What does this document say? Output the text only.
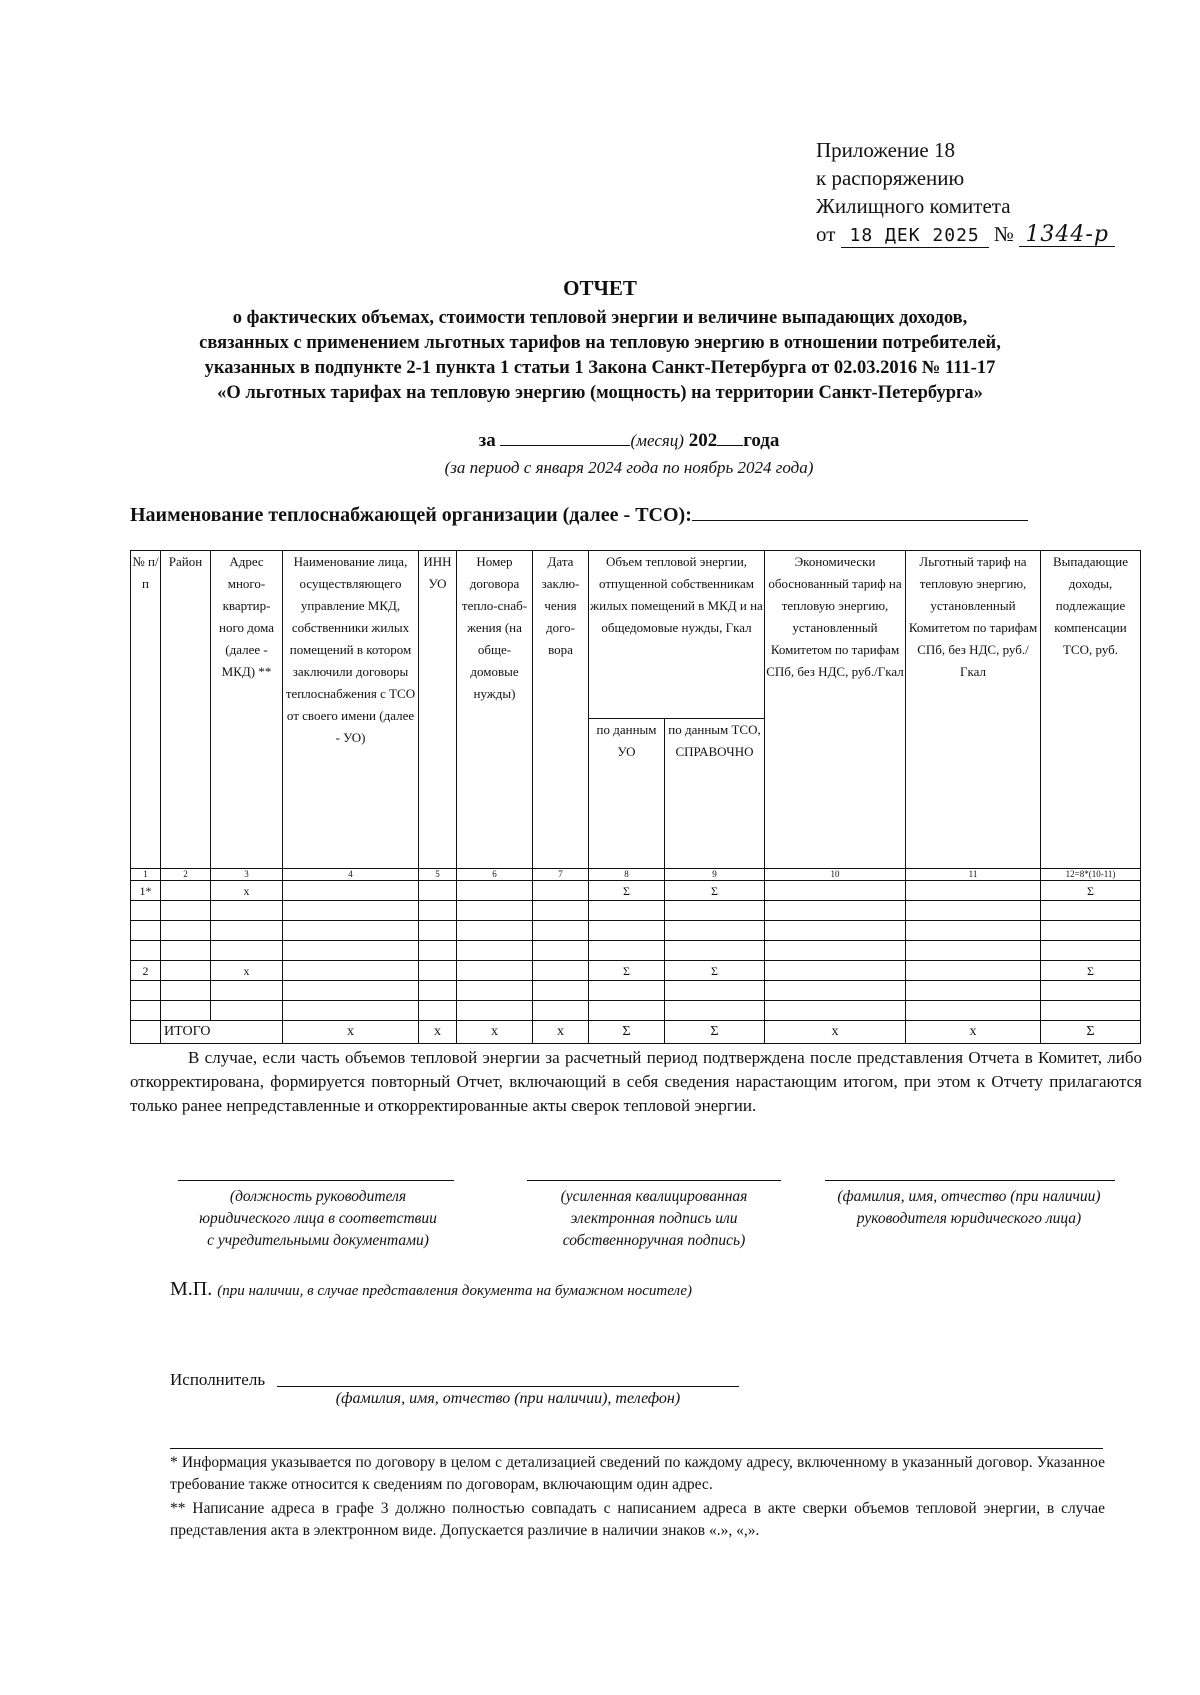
Приложение 18
к распоряжению
Жилищного комитета
от 18 ДЕК 2025 № 1344-р
ОТЧЕТ
о фактических объемах, стоимости тепловой энергии и величине выпадающих доходов,
связанных с применением льготных тарифов на тепловую энергию в отношении потребителей,
указанных в подпункте 2-1 пункта 1 статьи 1 Закона Санкт-Петербурга от 02.03.2016 № 111-17
«О льготных тарифах на тепловую энергию (мощность) на территории Санкт-Петербурга»
за	(месяц) 202 года
(за период с января 2024 года по ноябрь 2024 года)
Наименование теплоснабжающей организации (далее - ТСО):
№ п/п	Район	Адрес много-квартир-ного дома (далее - МКД) **	Наименование лица, осуществляющего управление МКД, собственники жилых помещений в котором заключили договоры теплоснабжения с ТСО от своего имени (далее - УО)	ИНН УО	Номер договора тепло-снаб-жения (на обще-домовые нужды)	Дата заклю-чения дого-вора	Объем тепловой энергии, отпущенной собственникам жилых помещений в МКД и на общедомовые нужды, Гкал		Экономически обоснованный тариф на тепловую энергию, установленный Комитетом по тарифам СПб, без НДС, руб./Гкал	Льготный тариф на тепловую энергию, установленный Комитетом по тарифам СПб, без НДС, руб./Гкал	Выпадающие доходы, подлежащие компенсации ТСО, руб.
							по данным УО	по данным ТСО, СПРАВОЧНО			
1	2	3	4	5	6	7	8	9	10	11	12=8*(10-11)
1*		x					Σ	Σ			Σ

2		x					Σ	Σ			Σ

	ИТОГО		x	x	x	x	Σ	Σ	x	x	Σ
В случае, если часть объемов тепловой энергии за расчетный период подтверждена после представления Отчета в Комитет, либо откорректирована, формируется повторный Отчет, включающий в себя сведения нарастающим итогом, при этом к Отчету прилагаются только ранее непредставленные и откорректированные акты сверок тепловой энергии.
(должность руководителя
юридического лица в соответствии
с учредительными документами)
(усиленная квалицированная
электронная подпись или
собственноручная подпись)
(фамилия, имя, отчество (при наличии)
руководителя юридического лица)
М.П. (при наличии, в случае представления документа на бумажном носителе)
Исполнитель
(фамилия, имя, отчество (при наличии), телефон)
* Информация указывается по договору в целом с детализацией сведений по каждому адресу, включенному в указанный договор. Указанное требование также относится к сведениям по договорам, включающим один адрес.
** Написание адреса в графе 3 должно полностью совпадать с написанием адреса в акте сверки объемов тепловой энергии, в случае представления акта в электронном виде. Допускается различие в наличии знаков «.», «,».
